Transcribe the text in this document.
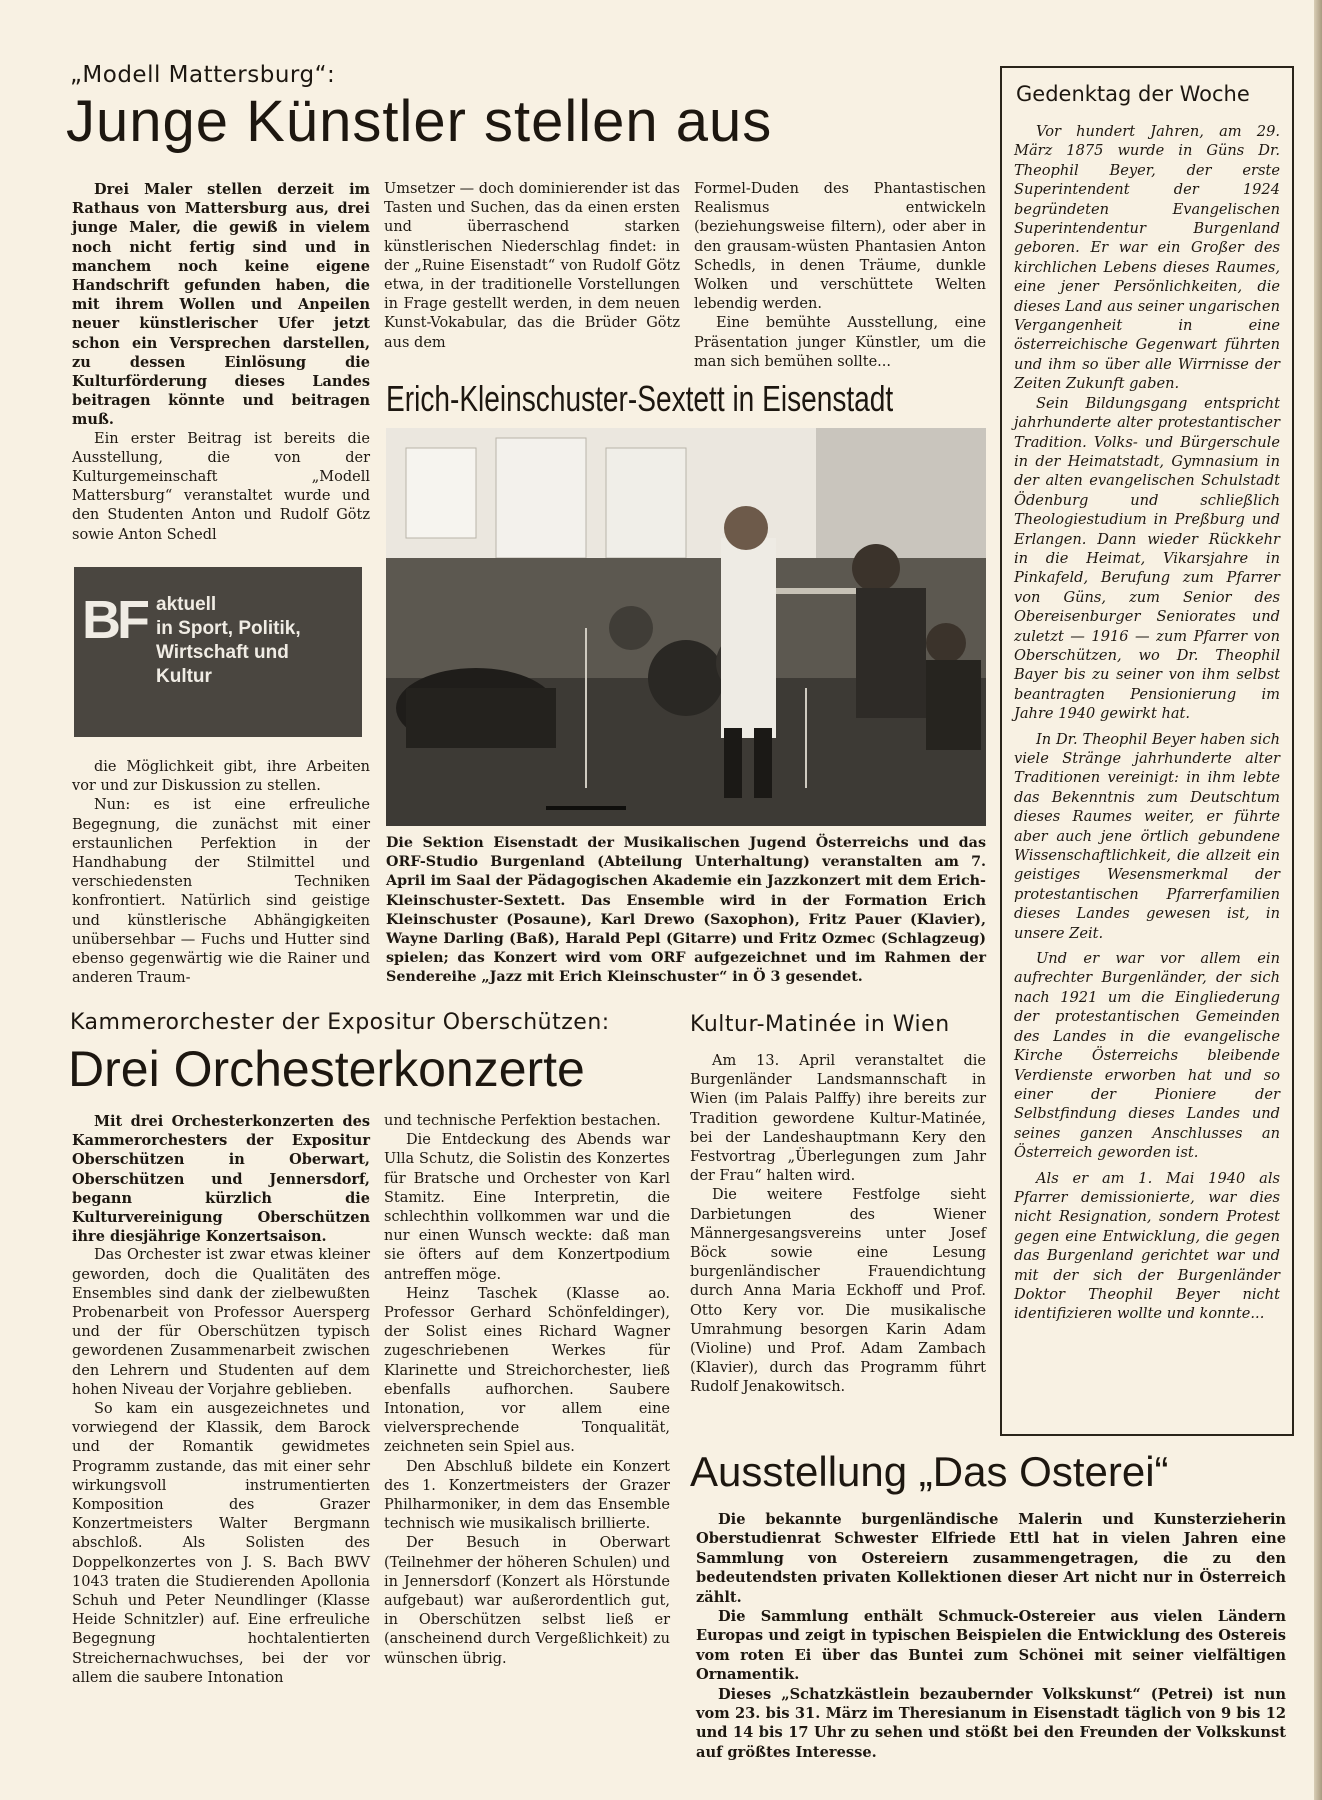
„Modell Mattersburg“:
Junge Künstler stellen aus

Drei Maler stellen derzeit im Rathaus von Mattersburg aus, drei junge Maler, die gewiß in vielem noch nicht fertig sind und in manchem noch keine eigene Handschrift gefunden haben, die mit ihrem Wollen und Anpeilen neuer künstlerischer Ufer jetzt schon ein Versprechen darstellen, zu dessen Einlösung die Kulturförderung dieses Landes beitragen könnte und beitragen muß.

Ein erster Beitrag ist bereits die Ausstellung, die von der Kulturgemeinschaft „Modell Mattersburg“ veranstaltet wurde und den Studenten Anton und Rudolf Götz sowie Anton Schedl

BF aktuell
in Sport, Politik,
Wirtschaft und
Kultur

die Möglichkeit gibt, ihre Arbeiten vor und zur Diskussion zu stellen.

Nun: es ist eine erfreuliche Begegnung, die zunächst mit einer erstaunlichen Perfektion in der Handhabung der Stilmittel und verschiedensten Techniken konfrontiert. Natürlich sind geistige und künstlerische Abhängigkeiten unübersehbar — Fuchs und Hutter sind ebenso gegenwärtig wie die Rainer und anderen Traum-

Umsetzer — doch dominierender ist das Tasten und Suchen, das da einen ersten und überraschend starken künstlerischen Niederschlag findet: in der „Ruine Eisenstadt“ von Rudolf Götz etwa, in der traditionelle Vorstellungen in Frage gestellt werden, in dem neuen Kunst-Vokabular, das die Brüder Götz aus dem

Formel-Duden des Phantastischen Realismus entwickeln (beziehungsweise filtern), oder aber in den grausam-wüsten Phantasien Anton Schedls, in denen Träume, dunkle Wolken und verschüttete Welten lebendig werden.

Eine bemühte Ausstellung, eine Präsentation junger Künstler, um die man sich bemühen sollte...

Erich-Kleinschuster-Sextett in Eisenstadt

Die Sektion Eisenstadt der Musikalischen Jugend Österreichs und das ORF-Studio Burgenland (Abteilung Unterhaltung) veranstalten am 7. April im Saal der Pädagogischen Akademie ein Jazzkonzert mit dem Erich-Kleinschuster-Sextett. Das Ensemble wird in der Formation Erich Kleinschuster (Posaune), Karl Drewo (Saxophon), Fritz Pauer (Klavier), Wayne Darling (Baß), Harald Pepl (Gitarre) und Fritz Ozmec (Schlagzeug) spielen; das Konzert wird vom ORF aufgezeichnet und im Rahmen der Sendereihe „Jazz mit Erich Kleinschuster“ in Ö 3 gesendet.

Gedenktag der Woche

Vor hundert Jahren, am 29. März 1875 wurde in Güns Dr. Theophil Beyer, der erste Superintendent der 1924 begründeten Evangelischen Superintendentur Burgenland geboren. Er war ein Großer des kirchlichen Lebens dieses Raumes, eine jener Persönlichkeiten, die dieses Land aus seiner ungarischen Vergangenheit in eine österreichische Gegenwart führten und ihm so über alle Wirrnisse der Zeiten Zukunft gaben.

Sein Bildungsgang entspricht jahrhunderte alter protestantischer Tradition. Volks- und Bürgerschule in der Heimatstadt, Gymnasium in der alten evangelischen Schulstadt Ödenburg und schließlich Theologiestudium in Preßburg und Erlangen. Dann wieder Rückkehr in die Heimat, Vikarsjahre in Pinkafeld, Berufung zum Pfarrer von Güns, zum Senior des Obereisenburger Seniorates und zuletzt — 1916 — zum Pfarrer von Oberschützen, wo Dr. Theophil Bayer bis zu seiner von ihm selbst beantragten Pensionierung im Jahre 1940 gewirkt hat.

In Dr. Theophil Beyer haben sich viele Stränge jahrhunderte alter Traditionen vereinigt: in ihm lebte das Bekenntnis zum Deutschtum dieses Raumes weiter, er führte aber auch jene örtlich gebundene Wissenschaftlichkeit, die allzeit ein geistiges Wesensmerkmal der protestantischen Pfarrerfamilien dieses Landes gewesen ist, in unsere Zeit.

Und er war vor allem ein aufrechter Burgenländer, der sich nach 1921 um die Eingliederung der protestantischen Gemeinden des Landes in die evangelische Kirche Österreichs bleibende Verdienste erworben hat und so einer der Pioniere der Selbstfindung dieses Landes und seines ganzen Anschlusses an Österreich geworden ist.

Als er am 1. Mai 1940 als Pfarrer demissionierte, war dies nicht Resignation, sondern Protest gegen eine Entwicklung, die gegen das Burgenland gerichtet war und mit der sich der Burgenländer Doktor Theophil Beyer nicht identifizieren wollte und konnte...

Kammerorchester der Expositur Oberschützen:
Drei Orchesterkonzerte

Mit drei Orchesterkonzerten des Kammerorchesters der Expositur Oberschützen in Oberwart, Oberschützen und Jennersdorf, begann kürzlich die Kulturvereinigung Oberschützen ihre diesjährige Konzertsaison.

Das Orchester ist zwar etwas kleiner geworden, doch die Qualitäten des Ensembles sind dank der zielbewußten Probenarbeit von Professor Auersperg und der für Oberschützen typisch gewordenen Zusammenarbeit zwischen den Lehrern und Studenten auf dem hohen Niveau der Vorjahre geblieben.

So kam ein ausgezeichnetes und vorwiegend der Klassik, dem Barock und der Romantik gewidmetes Programm zustande, das mit einer sehr wirkungsvoll instrumentierten Komposition des Grazer Konzertmeisters Walter Bergmann abschloß. Als Solisten des Doppelkonzertes von J. S. Bach BWV 1043 traten die Studierenden Apollonia Schuh und Peter Neundlinger (Klasse Heide Schnitzler) auf. Eine erfreuliche Begegnung hochtalentierten Streichernachwuchses, bei der vor allem die saubere Intonation

und technische Perfektion bestachen.

Die Entdeckung des Abends war Ulla Schutz, die Solistin des Konzertes für Bratsche und Orchester von Karl Stamitz. Eine Interpretin, die schlechthin vollkommen war und die nur einen Wunsch weckte: daß man sie öfters auf dem Konzertpodium antreffen möge.

Heinz Taschek (Klasse ao. Professor Gerhard Schönfeldinger), der Solist eines Richard Wagner zugeschriebenen Werkes für Klarinette und Streichorchester, ließ ebenfalls aufhorchen. Saubere Intonation, vor allem eine vielversprechende Tonqualität, zeichneten sein Spiel aus.

Den Abschluß bildete ein Konzert des 1. Konzertmeisters der Grazer Philharmoniker, in dem das Ensemble technisch wie musikalisch brillierte.

Der Besuch in Oberwart (Teilnehmer der höheren Schulen) und in Jennersdorf (Konzert als Hörstunde aufgebaut) war außerordentlich gut, in Oberschützen selbst ließ er (anscheinend durch Vergeßlichkeit) zu wünschen übrig.

Kultur-Matinée in Wien

Am 13. April veranstaltet die Burgenländer Landsmannschaft in Wien (im Palais Palffy) ihre bereits zur Tradition gewordene Kultur-Matinée, bei der Landeshauptmann Kery den Festvortrag „Überlegungen zum Jahr der Frau“ halten wird.

Die weitere Festfolge sieht Darbietungen des Wiener Männergesangsvereins unter Josef Böck sowie eine Lesung burgenländischer Frauendichtung durch Anna Maria Eckhoff und Prof. Otto Kery vor. Die musikalische Umrahmung besorgen Karin Adam (Violine) und Prof. Adam Zambach (Klavier), durch das Programm führt Rudolf Jenakowitsch.

Ausstellung „Das Osterei“

Die bekannte burgenländische Malerin und Kunsterzieherin Oberstudienrat Schwester Elfriede Ettl hat in vielen Jahren eine Sammlung von Ostereiern zusammengetragen, die zu den bedeutendsten privaten Kollektionen dieser Art nicht nur in Österreich zählt.

Die Sammlung enthält Schmuck-Ostereier aus vielen Ländern Europas und zeigt in typischen Beispielen die Entwicklung des Ostereis vom roten Ei über das Buntei zum Schönei mit seiner vielfältigen Ornamentik.

Dieses „Schatzkästlein bezaubernder Volkskunst“ (Petrei) ist nun vom 23. bis 31. März im Theresianum in Eisenstadt täglich von 9 bis 12 und 14 bis 17 Uhr zu sehen und stößt bei den Freunden der Volkskunst auf größtes Interesse.
